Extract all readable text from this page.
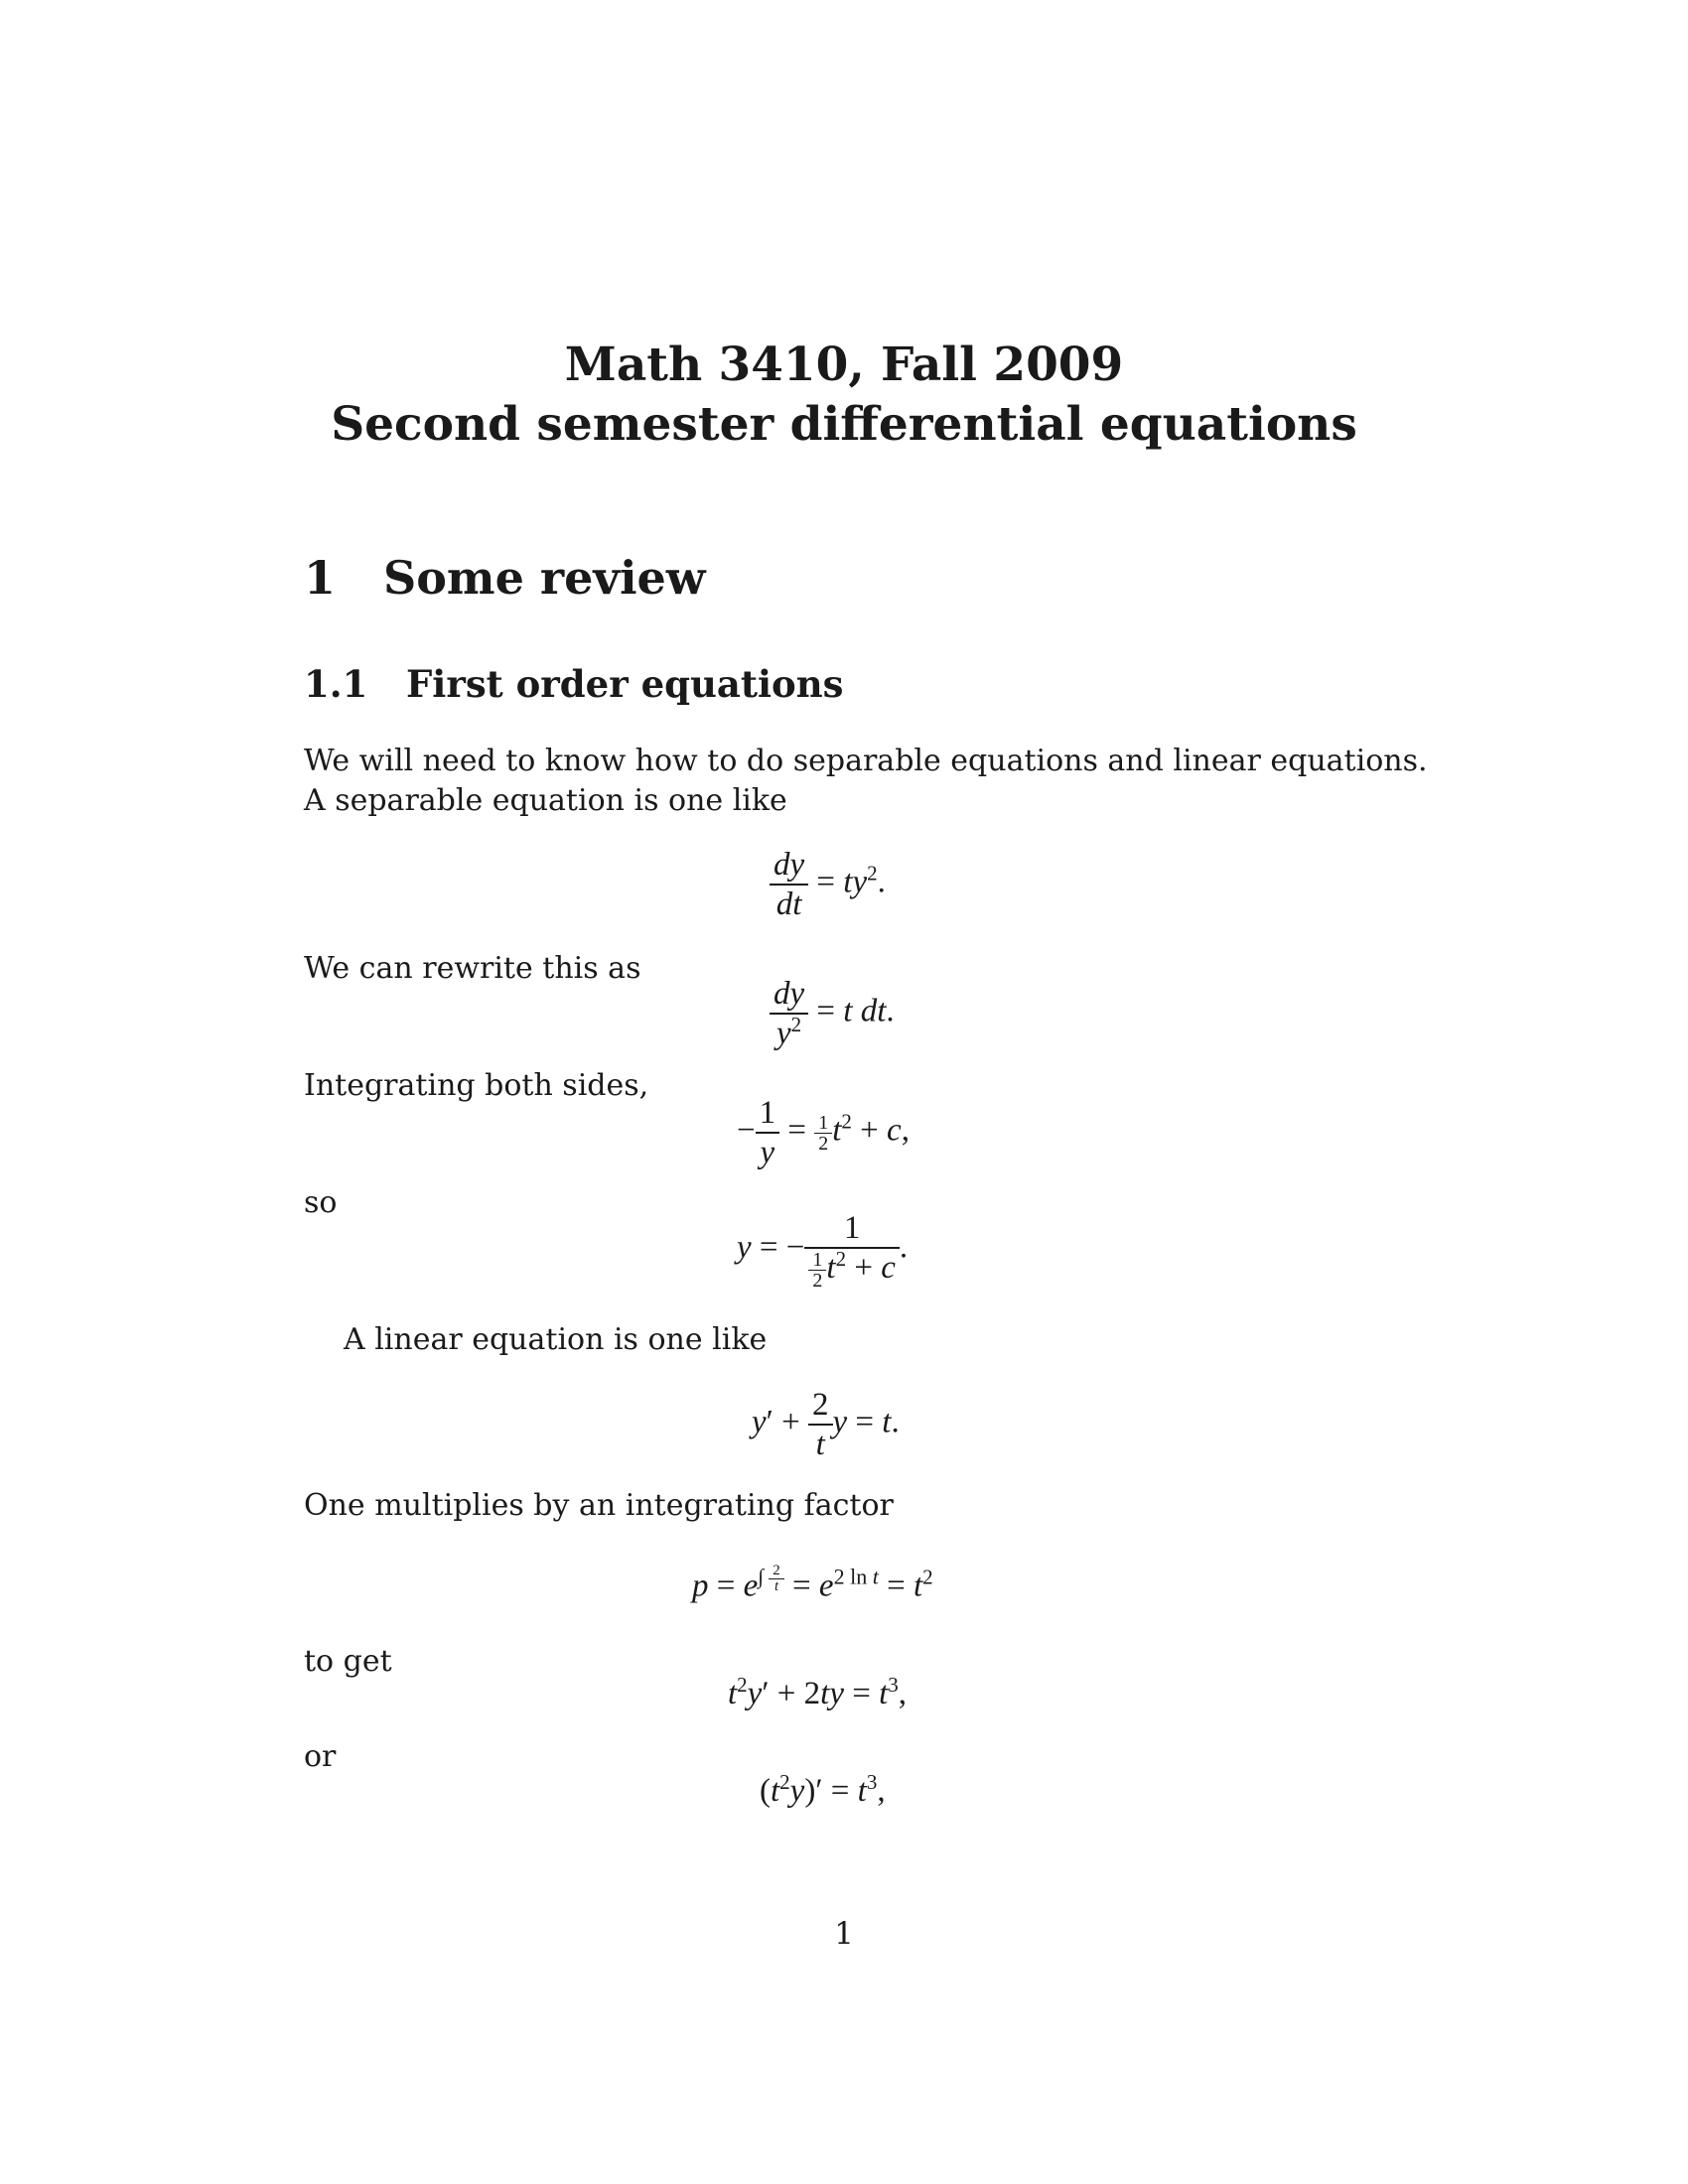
Math 3410, Fall 2009
Second semester differential equations
1 Some review
1.1 First order equations
We will need to know how to do separable equations and linear equations.
A separable equation is one like
$\frac{dy}{dt} = ty^2$.
We can rewrite this as
$\frac{dy}{y^2} = t$ dt.
Integrating both sides,
− $\frac{1}{y} = \frac{1}{2} t^2 + c$,
so
y = − $\frac{1}{\frac{1}{2} t^2 + c}$ .
A linear equation is one like
$y' + \frac{2}{t}$ y = t.
One multiplies by an integrating factor
$p = e^{\int \frac{2}{t}} = e^{2 ln t} = t^2$
to get
$t^2y' + 2ty = t^3$,
or
$(t^2y)' = t^3$,
1
